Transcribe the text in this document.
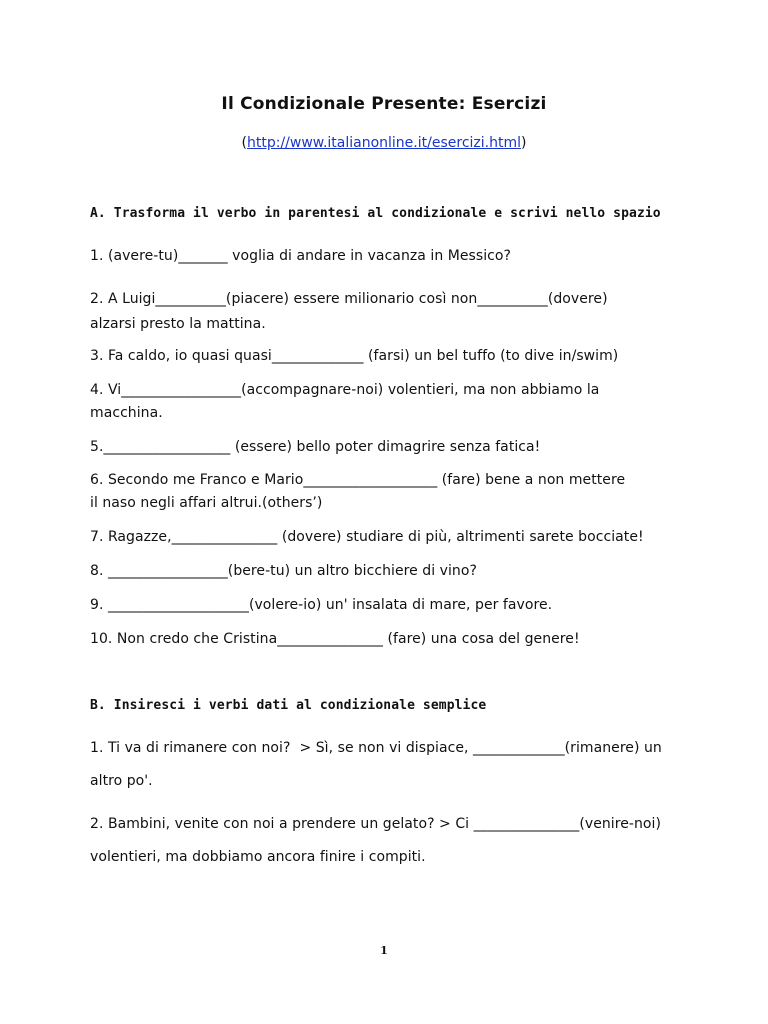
Il Condizionale Presente: Esercizi
(http://www.italianonline.it/esercizi.html)
A. Trasforma il verbo in parentesi al condizionale e scrivi nello spazio
1. (avere-tu)_______ voglia di andare in vacanza in Messico?
2. A Luigi__________(piacere) essere milionario così non__________(dovere)
alzarsi presto la mattina.
3. Fa caldo, io quasi quasi_____________ (farsi) un bel tuffo (to dive in/swim)
4. Vi_________________(accompagnare-noi) volentieri, ma non abbiamo la
macchina.
5.__________________ (essere) bello poter dimagrire senza fatica!
6. Secondo me Franco e Mario___________________ (fare) bene a non mettere
il naso negli affari altrui.(others’)
7. Ragazze,_______________ (dovere) studiare di più, altrimenti sarete bocciate!
8. _________________(bere-tu) un altro bicchiere di vino?
9. ____________________(volere-io) un' insalata di mare, per favore.
10. Non credo che Cristina_______________ (fare) una cosa del genere!
B. Insiresci i verbi dati al condizionale semplice
1. Ti va di rimanere con noi?  > Sì, se non vi dispiace, _____________(rimanere) un
altro po'.
2. Bambini, venite con noi a prendere un gelato? > Ci _______________(venire-noi)
volentieri, ma dobbiamo ancora finire i compiti.
1
